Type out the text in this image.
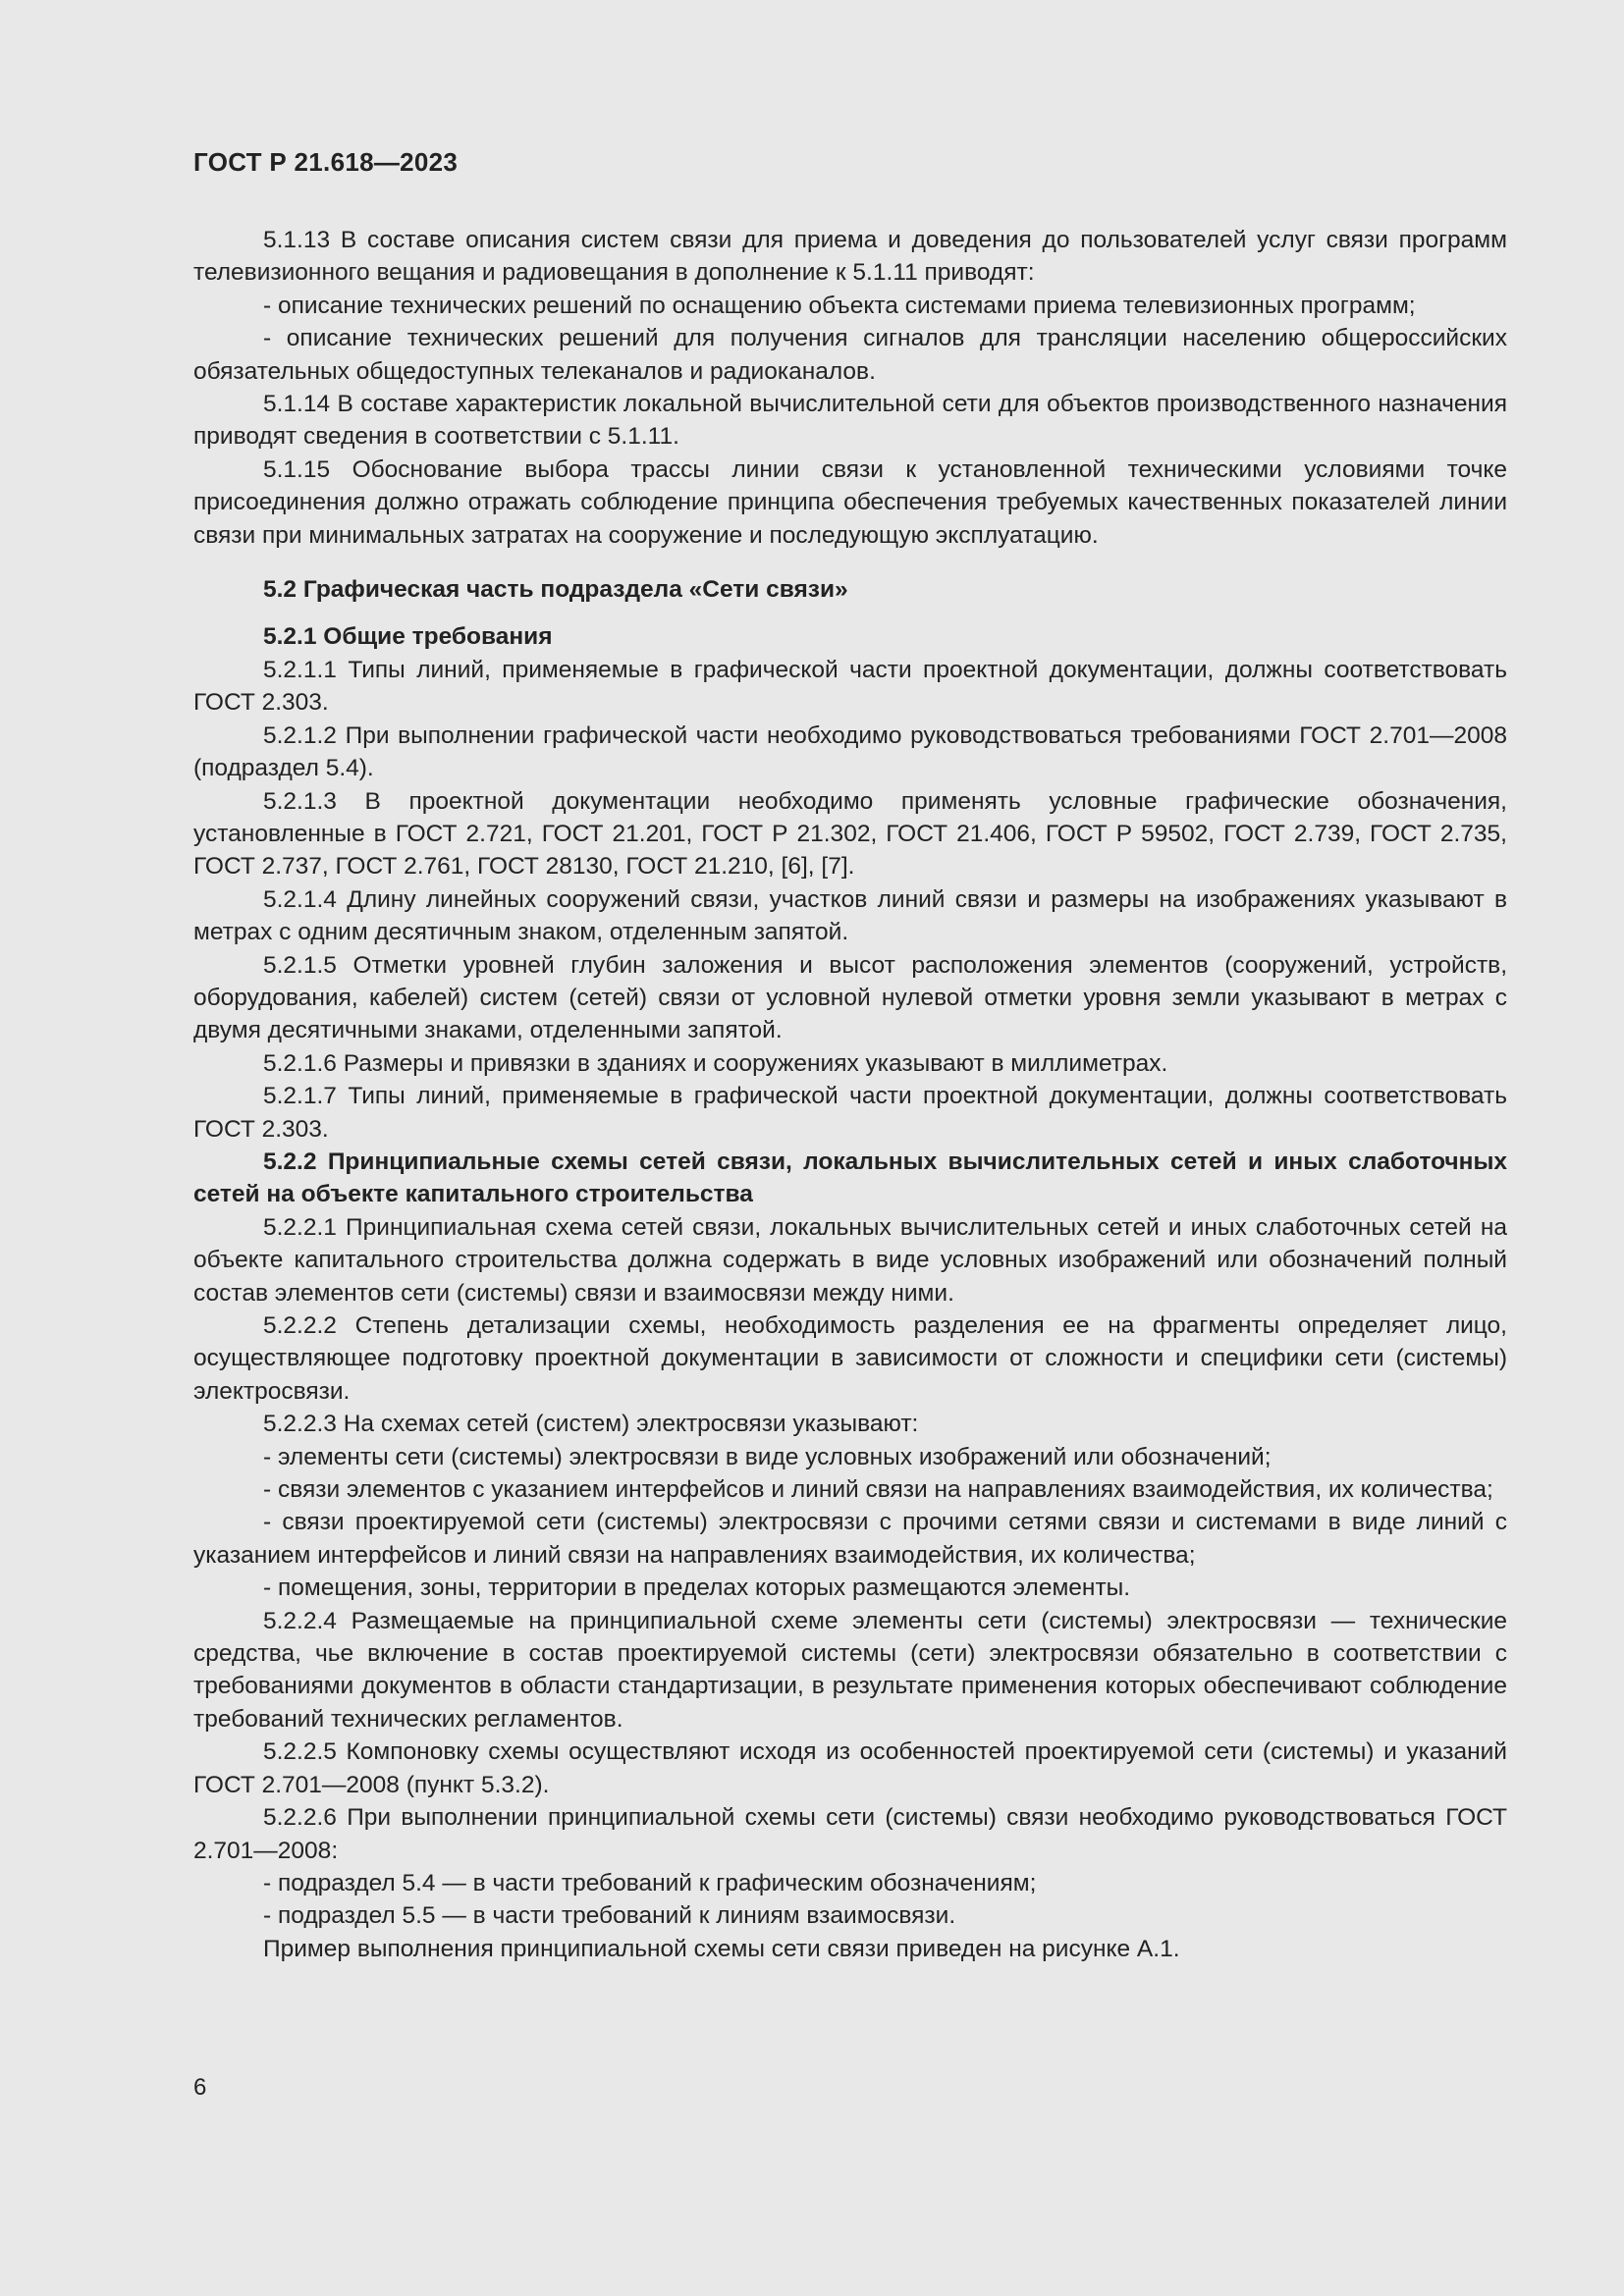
ГОСТ Р 21.618—2023

5.1.13 В составе описания систем связи для приема и доведения до пользователей услуг связи программ телевизионного вещания и радиовещания в дополнение к 5.1.11 приводят:

- описание технических решений по оснащению объекта системами приема телевизионных программ;

- описание технических решений для получения сигналов для трансляции населению общероссийских обязательных общедоступных телеканалов и радиоканалов.

5.1.14 В составе характеристик локальной вычислительной сети для объектов производственного назначения приводят сведения в соответствии с 5.1.11.

5.1.15 Обоснование выбора трассы линии связи к установленной техническими условиями точке присоединения должно отражать соблюдение принципа обеспечения требуемых качественных показателей линии связи при минимальных затратах на сооружение и последующую эксплуатацию.

5.2 Графическая часть подраздела «Сети связи»

5.2.1 Общие требования

5.2.1.1 Типы линий, применяемые в графической части проектной документации, должны соответствовать ГОСТ 2.303.

5.2.1.2 При выполнении графической части необходимо руководствоваться требованиями ГОСТ 2.701—2008 (подраздел 5.4).

5.2.1.3 В проектной документации необходимо применять условные графические обозначения, установленные в ГОСТ 2.721, ГОСТ 21.201, ГОСТ Р 21.302, ГОСТ 21.406, ГОСТ Р 59502, ГОСТ 2.739, ГОСТ 2.735, ГОСТ 2.737, ГОСТ 2.761, ГОСТ 28130, ГОСТ 21.210, [6], [7].

5.2.1.4 Длину линейных сооружений связи, участков линий связи и размеры на изображениях указывают в метрах с одним десятичным знаком, отделенным запятой.

5.2.1.5 Отметки уровней глубин заложения и высот расположения элементов (сооружений, устройств, оборудования, кабелей) систем (сетей) связи от условной нулевой отметки уровня земли указывают в метрах с двумя десятичными знаками, отделенными запятой.

5.2.1.6 Размеры и привязки в зданиях и сооружениях указывают в миллиметрах.

5.2.1.7 Типы линий, применяемые в графической части проектной документации, должны соответствовать ГОСТ 2.303.

5.2.2 Принципиальные схемы сетей связи, локальных вычислительных сетей и иных слаботочных сетей на объекте капитального строительства

5.2.2.1 Принципиальная схема сетей связи, локальных вычислительных сетей и иных слаботочных сетей на объекте капитального строительства должна содержать в виде условных изображений или обозначений полный состав элементов сети (системы) связи и взаимосвязи между ними.

5.2.2.2 Степень детализации схемы, необходимость разделения ее на фрагменты определяет лицо, осуществляющее подготовку проектной документации в зависимости от сложности и специфики сети (системы) электросвязи.

5.2.2.3 На схемах сетей (систем) электросвязи указывают:

- элементы сети (системы) электросвязи в виде условных изображений или обозначений;

- связи элементов с указанием интерфейсов и линий связи на направлениях взаимодействия, их количества;

- связи проектируемой сети (системы) электросвязи с прочими сетями связи и системами в виде линий с указанием интерфейсов и линий связи на направлениях взаимодействия, их количества;

- помещения, зоны, территории в пределах которых размещаются элементы.

5.2.2.4 Размещаемые на принципиальной схеме элементы сети (системы) электросвязи — технические средства, чье включение в состав проектируемой системы (сети) электросвязи обязательно в соответствии с требованиями документов в области стандартизации, в результате применения которых обеспечивают соблюдение требований технических регламентов.

5.2.2.5 Компоновку схемы осуществляют исходя из особенностей проектируемой сети (системы) и указаний ГОСТ 2.701—2008 (пункт 5.3.2).

5.2.2.6 При выполнении принципиальной схемы сети (системы) связи необходимо руководствоваться ГОСТ 2.701—2008:

- подраздел 5.4 — в части требований к графическим обозначениям;

- подраздел 5.5 — в части требований к линиям взаимосвязи.

Пример выполнения принципиальной схемы сети связи приведен на рисунке А.1.

6
